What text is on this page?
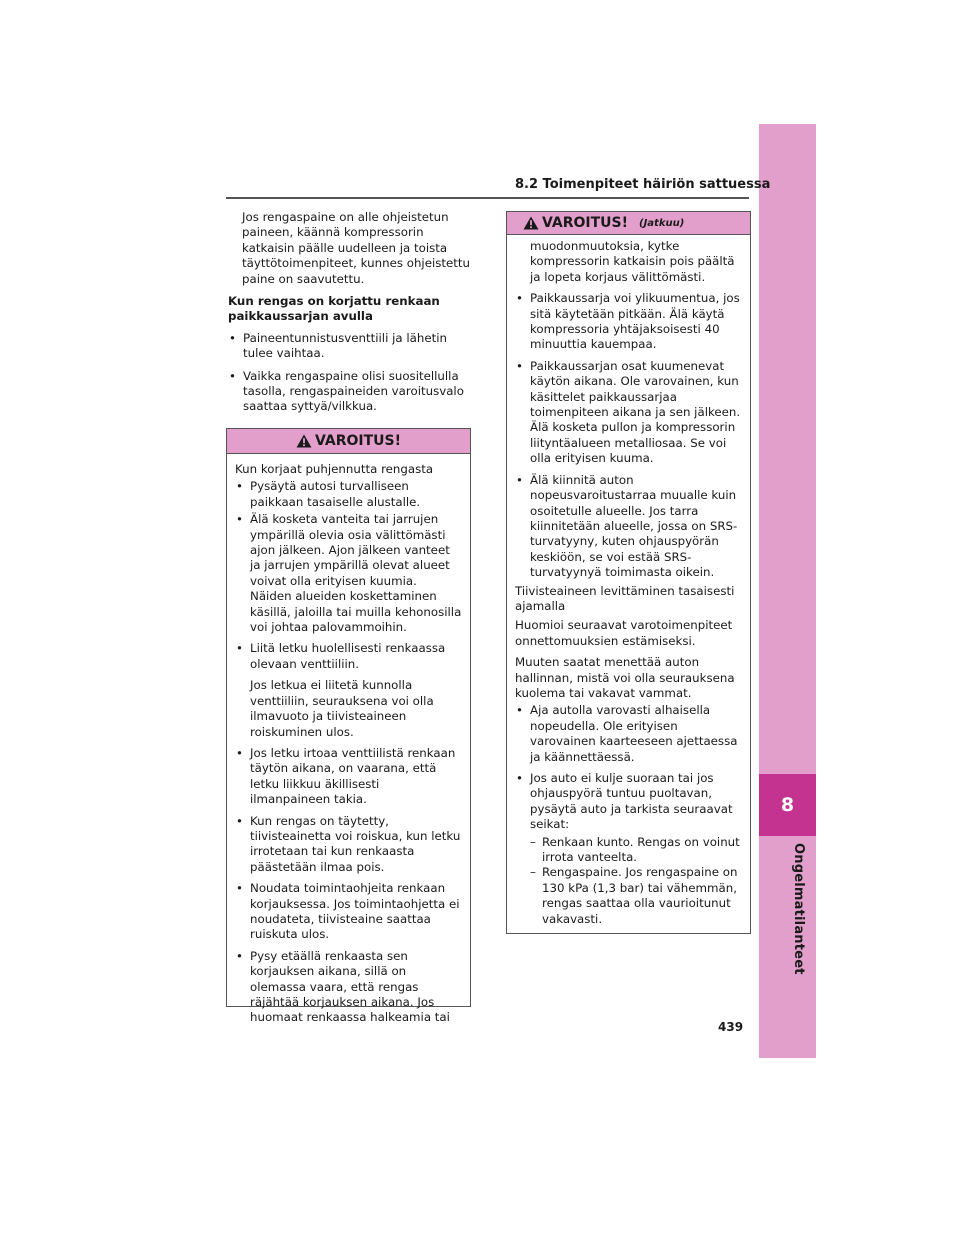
8
Ongelmatilanteet
8.2 Toimenpiteet häiriön sattuessa

Jos rengaspaine on alle ohjeistetun paineen, käännä kompressorin katkaisin päälle uudelleen ja toista täyttötoimenpiteet, kunnes ohjeistettu paine on saavutettu.

Kun rengas on korjattu renkaan paikkaussarjan avulla

• Paineentunnistusventtiili ja lähetin tulee vaihtaa.
• Vaikka rengaspaine olisi suositellulla tasolla, rengaspaineiden varoitusvalo saattaa syttyä/vilkkua.
VAROITUS!

Kun korjaat puhjennutta rengasta

• Pysäytä autosi turvalliseen paikkaan tasaiselle alustalle.
• Älä kosketa vanteita tai jarrujen ympärillä olevia osia välittömästi ajon jälkeen. Ajon jälkeen vanteet ja jarrujen ympärillä olevat alueet voivat olla erityisen kuumia. Näiden alueiden koskettaminen käsillä, jaloilla tai muilla kehonosilla voi johtaa palovammoihin.
• Liitä letku huolellisesti renkaassa olevaan venttiiliin.

Jos letkua ei liitetä kunnolla venttiiliin, seurauksena voi olla ilmavuoto ja tiivisteaineen roiskuminen ulos.

• Jos letku irtoaa venttiilistä renkaan täytön aikana, on vaarana, että letku liikkuu äkillisesti ilmanpaineen takia.
• Kun rengas on täytetty, tiivisteainetta voi roiskua, kun letku irrotetaan tai kun renkaasta päästetään ilmaa pois.
• Noudata toimintaohjeita renkaan korjauksessa. Jos toimintaohjetta ei noudateta, tiivisteaine saattaa ruiskuta ulos.
• Pysy etäällä renkaasta sen korjauksen aikana, sillä on olemassa vaara, että rengas räjähtää korjauksen aikana. Jos huomaat renkaassa halkeamia tai
VAROITUS! (Jatkuu)

muodonmuutoksia, kytke kompressorin katkaisin pois päältä ja lopeta korjaus välittömästi.

• Paikkaussarja voi ylikuumentua, jos sitä käytetään pitkään. Älä käytä kompressoria yhtäjaksoisesti 40 minuuttia kauempaa.
• Paikkaussarjan osat kuumenevat käytön aikana. Ole varovainen, kun käsittelet paikkaussarjaa toimenpiteen aikana ja sen jälkeen. Älä kosketa pullon ja kompressorin liityntäalueen metalliosaa. Se voi olla erityisen kuuma.
• Älä kiinnitä auton nopeusvaroitustarraa muualle kuin osoitetulle alueelle. Jos tarra kiinnitetään alueelle, jossa on SRS-turvatyyny, kuten ohjauspyörän keskiöön, se voi estää SRS-turvatyynyä toimimasta oikein.

Tiivisteaineen levittäminen tasaisesti ajamalla

Huomioi seuraavat varotoimenpiteet onnettomuuksien estämiseksi.

Muuten saatat menettää auton hallinnan, mistä voi olla seurauksena kuolema tai vakavat vammat.

• Aja autolla varovasti alhaisella nopeudella. Ole erityisen varovainen kaarteeseen ajettaessa ja käännettäessä.
• Jos auto ei kulje suoraan tai jos ohjauspyörä tuntuu puoltavan, pysäytä auto ja tarkista seuraavat seikat:
– Renkaan kunto. Rengas on voinut irrota vanteelta.
– Rengaspaine. Jos rengaspaine on 130 kPa (1,3 bar) tai vähemmän, rengas saattaa olla vaurioitunut vakavasti.
439
